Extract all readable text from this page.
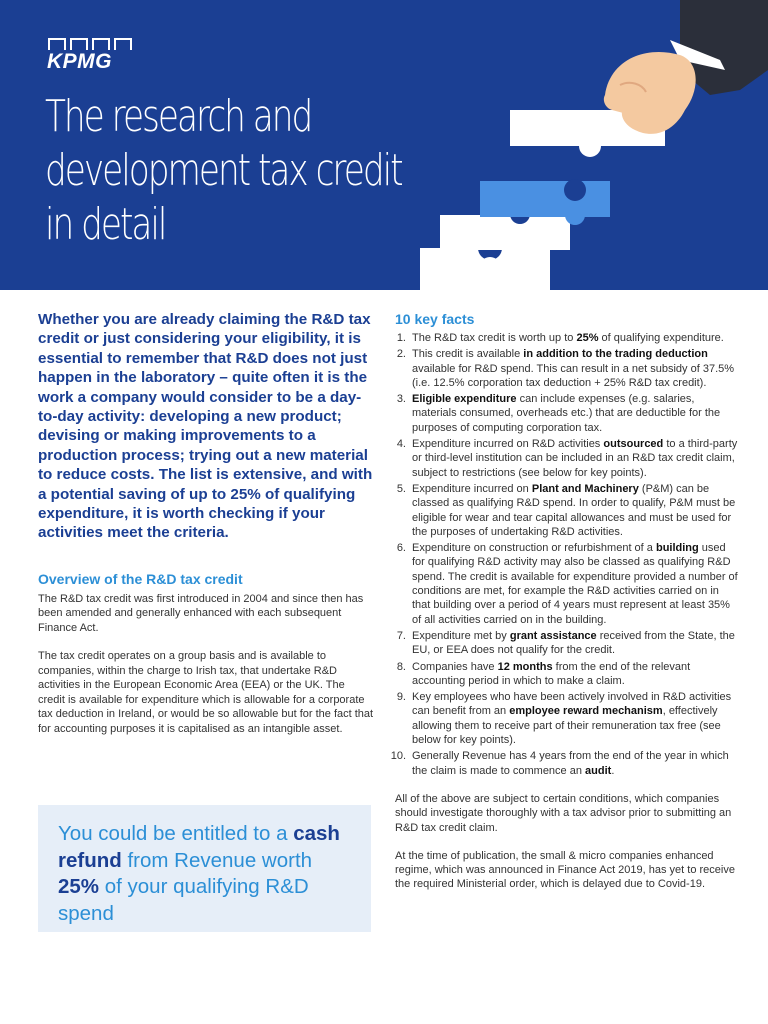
KPMG
The research and
development tax credit
in detail

Whether you are already claiming the R&D tax credit or just considering your eligibility, it is essential to remember that R&D does not just happen in the laboratory – quite often it is the work a company would consider to be a day-to-day activity: developing a new product; devising or making improvements to a production process; trying out a new material to reduce costs. The list is extensive, and with a potential saving of up to 25% of qualifying expenditure, it is worth checking if your activities meet the criteria.

Overview of the R&D tax credit

The R&D tax credit was first introduced in 2004 and since then has been amended and generally enhanced with each subsequent Finance Act.

The tax credit operates on a group basis and is available to companies, within the charge to Irish tax, that undertake R&D activities in the European Economic Area (EEA) or the UK. The credit is available for expenditure which is allowable for a corporate tax deduction in Ireland, or would be so allowable but for the fact that for accounting purposes it is capitalised as an intangible asset.

You could be entitled to a cash refund from Revenue worth 25% of your qualifying R&D spend
10 key facts
1. The R&D tax credit is worth up to 25% of qualifying expenditure.
2. This credit is available in addition to the trading deduction available for R&D spend. This can result in a net subsidy of 37.5% (i.e. 12.5% corporation tax deduction + 25% R&D tax credit).
3. Eligible expenditure can include expenses (e.g. salaries, materials consumed, overheads etc.) that are deductible for the purposes of computing corporation tax.
4. Expenditure incurred on R&D activities outsourced to a third-party or third-level institution can be included in an R&D tax credit claim, subject to restrictions (see below for key points).
5. Expenditure incurred on Plant and Machinery (P&M) can be classed as qualifying R&D spend. In order to qualify, P&M must be eligible for wear and tear capital allowances and must be used for the purposes of undertaking R&D activities.
6. Expenditure on construction or refurbishment of a building used for qualifying R&D activity may also be classed as qualifying R&D spend. The credit is available for expenditure provided a number of conditions are met, for example the R&D activities carried on in that building over a period of 4 years must represent at least 35% of all activities carried on in the building.
7. Expenditure met by grant assistance received from the State, the EU, or EEA does not qualify for the credit.
8. Companies have 12 months from the end of the relevant accounting period in which to make a claim.
9. Key employees who have been actively involved in R&D activities can benefit from an employee reward mechanism, effectively allowing them to receive part of their remuneration tax free (see below for key points).
10. Generally Revenue has 4 years from the end of the year in which the claim is made to commence an audit.

All of the above are subject to certain conditions, which companies should investigate thoroughly with a tax advisor prior to submitting an R&D tax credit claim.

At the time of publication, the small & micro companies enhanced regime, which was announced in Finance Act 2019, has yet to receive the required Ministerial order, which is delayed due to Covid-19.
